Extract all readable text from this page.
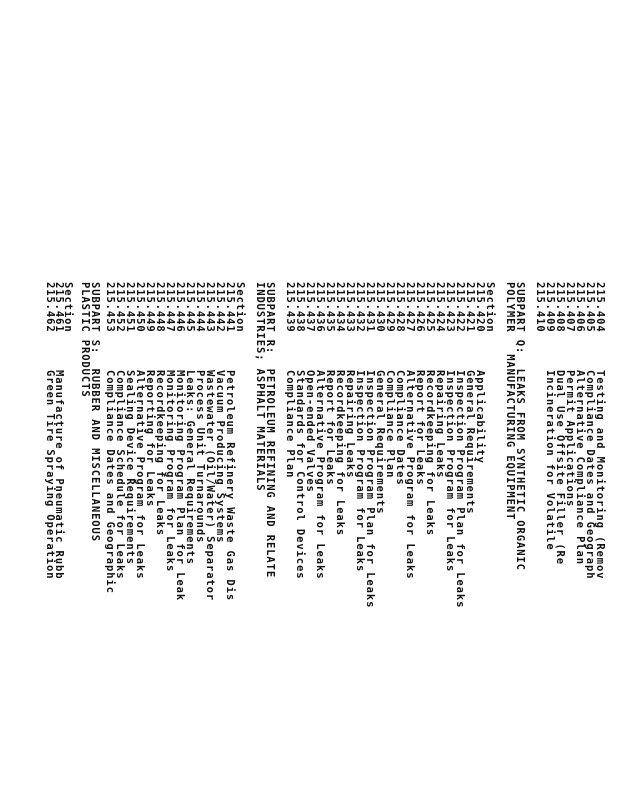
215.404Testing and Monitoring (Remov
215.405Compliance Dates and Geograph
215.406Alternative Compliance Plan
215.407Permit Applications
215.408Dual Use Offsite Filler (Re
215.409Incineration for Volatile
215.410
SUBPART Q:  LEAKS FROM SYNTHETIC ORGANIC
POLYMER   MANUFACTURING EQUIPMENT
Section
215.420Applicability
215.421General Requirements
215.422Inspection Program Plan for Leaks
215.423Inspection Program for Leaks
215.424Repairing Leaks
215.425Recordkeeping for Leaks
215.426Report for Leaks
215.427Alternative Program for Leaks
215.428Compliance Dates
215.429Compliance Plan
215.430General Requirements
215.431Inspection Program Plan for Leaks
215.432Inspection Program for Leaks
215.433Repairing Leaks
215.434Recordkeeping for Leaks
215.435Report for Leaks
215.436Alternative Program for Leaks
215.437Open-ended Valves
215.438Standards for Control Devices
215.439Compliance Plan
SUBPART R:  PETROLEUM REFINING AND RELATE
INDUSTRIES; ASPHALT MATERIALS
Section
215.441Petroleum Refinery Waste Gas Dis
215.442Vacuum Producing Systems
215.443Wastewater (Oil/Water) Separator
215.444Process Unit Turnarounds
215.445Leaks: General Requirements
215.446Monitoring Program Plan for Leak
215.447Monitoring Program for Leaks
215.448Recordkeeping for Leaks
215.449Reporting for Leaks
215.450Alternative Program for Leaks
215.451Sealing Device Requirements
215.452Compliance Schedule for Leaks
215.453Compliance Dates and Geographic
SUBPART S:  RUBBER AND MISCELLANEOUS
PLASTIC PRODUCTS
Section
215.461Manufacture of Pneumatic Rubb
215.462Green Tire Spraying Operation
